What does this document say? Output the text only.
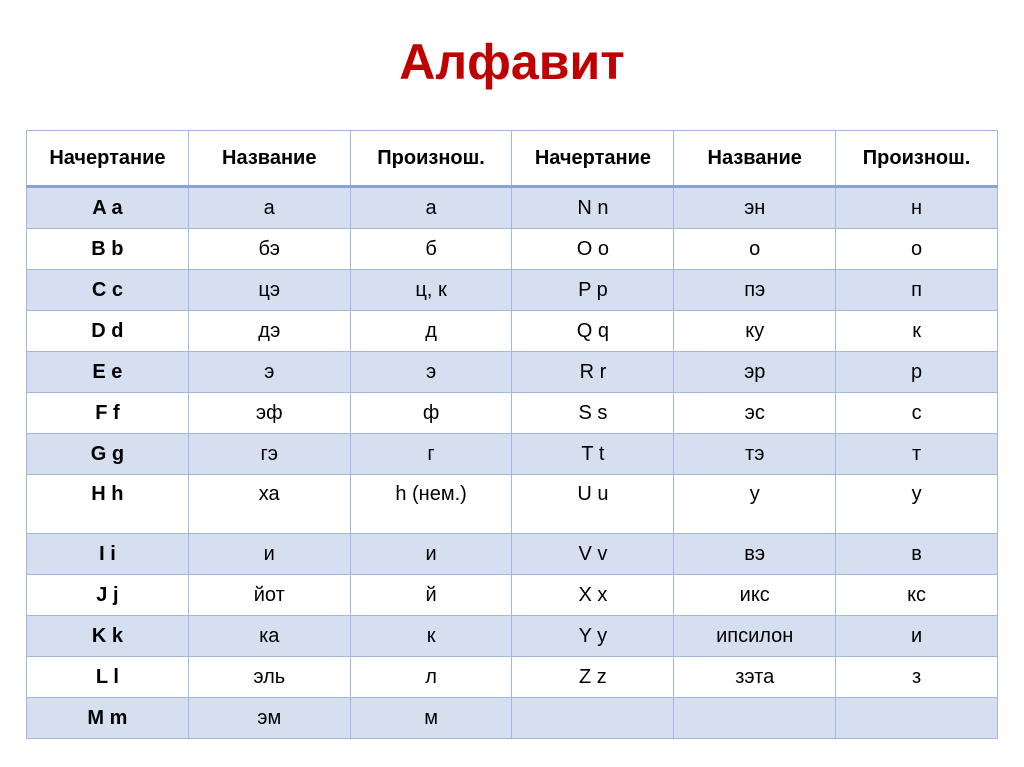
Алфавит
Начертание	Название	Произнош.	Начертание	Название	Произнош.
A a	а	а	N n	эн	н
B b	бэ	б	O o	о	о
C c	цэ	ц, к	P p	пэ	п
D d	дэ	д	Q q	ку	к
E e	э	э	R r	эр	р
F f	эф	ф	S s	эс	с
G g	гэ	г	T t	тэ	т
H h	ха	h (нем.)	U u	у	у
I i	и	и	V v	вэ	в
J j	йот	й	X x	икс	кс
K k	ка	к	Y y	ипсилон	и
L l	эль	л	Z z	зэта	з
M m	эм	м			
